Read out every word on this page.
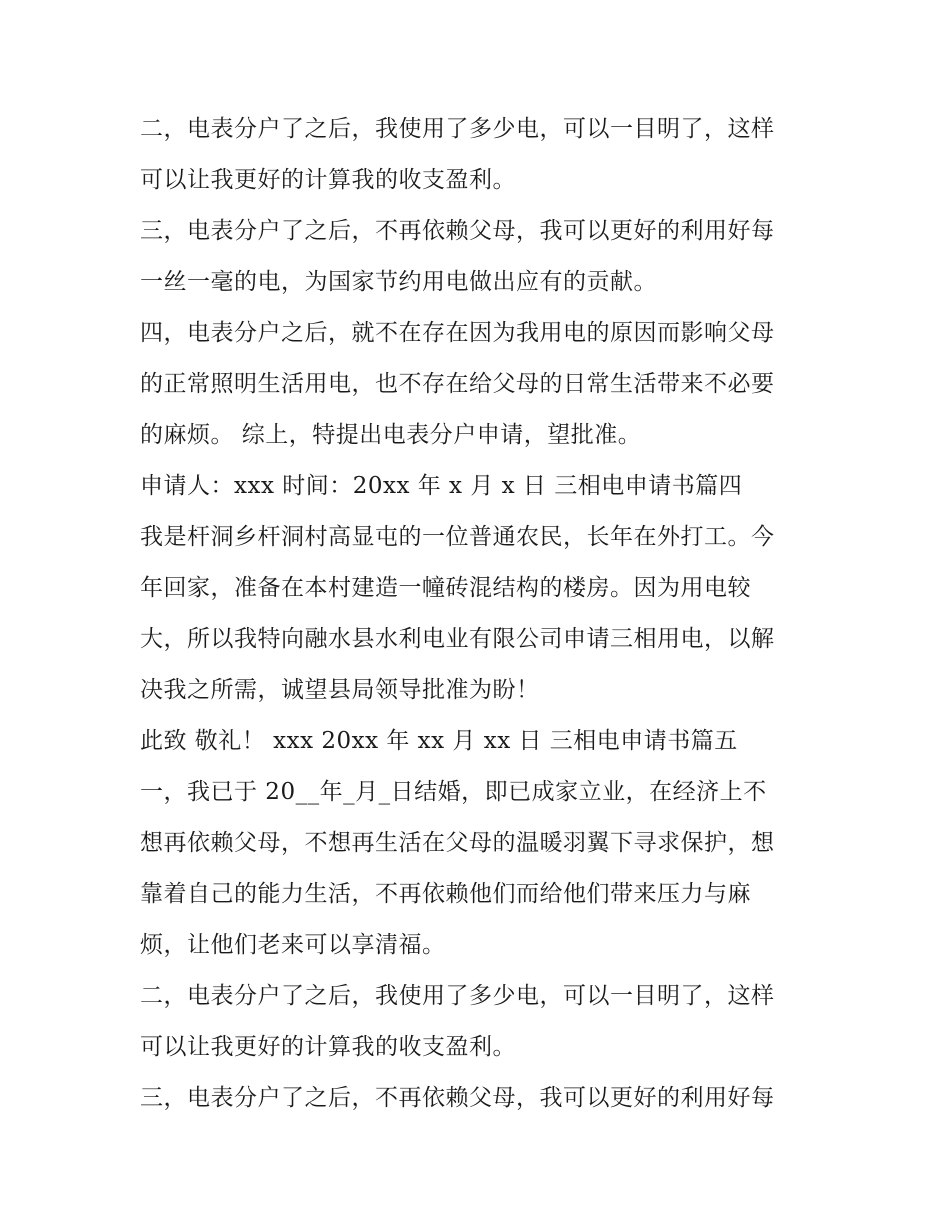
二，电表分户了之后，我使用了多少电，可以一目明了，这样
可以让我更好的计算我的收支盈利。
三，电表分户了之后，不再依赖父母，我可以更好的利用好每
一丝一毫的电，为国家节约用电做出应有的贡献。
四，电表分户之后，就不在存在因为我用电的原因而影响父母
的正常照明生活用电，也不存在给父母的日常生活带来不必要
的麻烦。 综上，特提出电表分户申请，望批准。
申请人：xxx 时间：20xx 年 x 月 x 日 三相电申请书篇四
我是杆洞乡杆洞村高显屯的一位普通农民，长年在外打工。今
年回家，准备在本村建造一幢砖混结构的楼房。因为用电较
大，所以我特向融水县水利电业有限公司申请三相用电，以解
决我之所需，诚望县局领导批准为盼！
此致 敬礼！ xxx 20xx 年 xx 月 xx 日 三相电申请书篇五
一，我已于 20__年_月_日结婚，即已成家立业，在经济上不
想再依赖父母，不想再生活在父母的温暖羽翼下寻求保护，想
靠着自己的能力生活，不再依赖他们而给他们带来压力与麻
烦，让他们老来可以享清福。
二，电表分户了之后，我使用了多少电，可以一目明了，这样
可以让我更好的计算我的收支盈利。
三，电表分户了之后，不再依赖父母，我可以更好的利用好每
